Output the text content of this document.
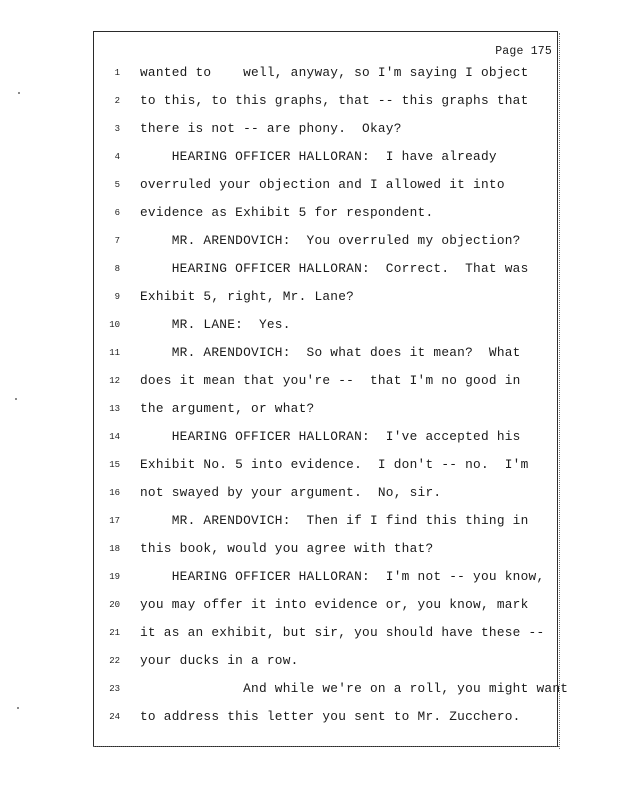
Page 175
1 wanted to    well, anyway, so I'm saying I object
2 to this, to this graphs, that -- this graphs that
3 there is not -- are phony.  Okay?
4 HEARING OFFICER HALLORAN:  I have already
5 overruled your objection and I allowed it into
6 evidence as Exhibit 5 for respondent.
7 MR. ARENDOVICH:  You overruled my objection?
8 HEARING OFFICER HALLORAN:  Correct.  That was
9 Exhibit 5, right, Mr. Lane?
10 MR. LANE:  Yes.
11 MR. ARENDOVICH:  So what does it mean?  What
12 does it mean that you're --  that I'm no good in
13 the argument, or what?
14 HEARING OFFICER HALLORAN:  I've accepted his
15 Exhibit No. 5 into evidence.  I don't -- no.  I'm
16 not swayed by your argument.  No, sir.
17 MR. ARENDOVICH:  Then if I find this thing in
18 this book, would you agree with that?
19 HEARING OFFICER HALLORAN:  I'm not -- you know,
20 you may offer it into evidence or, you know, mark
21 it as an exhibit, but sir, you should have these --
22 your ducks in a row.
23 And while we're on a roll, you might want
24 to address this letter you sent to Mr. Zucchero.
